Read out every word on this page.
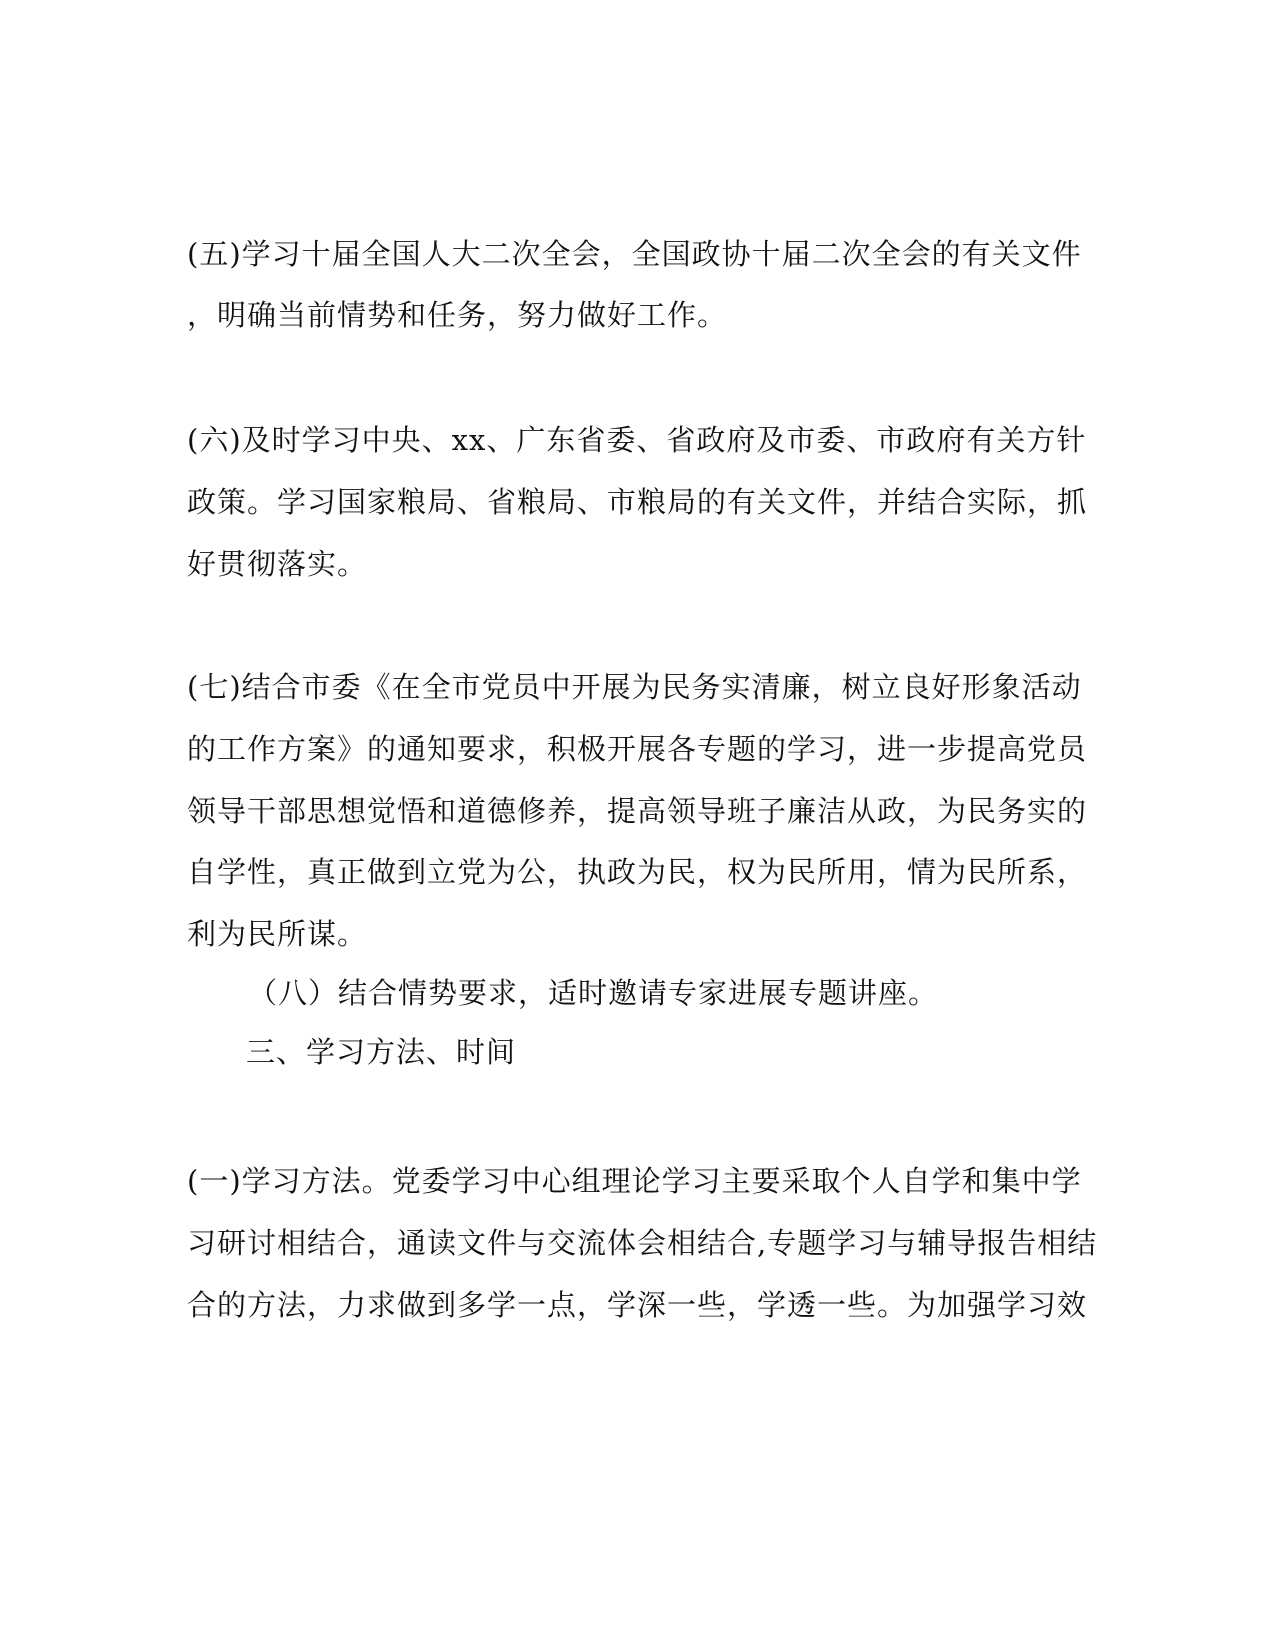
(五)学习十届全国人大二次全会，全国政协十届二次全会的有关文件
，明确当前情势和任务，努力做好工作。
(六)及时学习中央、xx、广东省委、省政府及市委、市政府有关方针
政策。学习国家粮局、省粮局、市粮局的有关文件，并结合实际，抓
好贯彻落实。
(七)结合市委《在全市党员中开展为民务实清廉，树立良好形象活动
的工作方案》的通知要求，积极开展各专题的学习，进一步提高党员
领导干部思想觉悟和道德修养，提高领导班子廉洁从政，为民务实的
自学性，真正做到立党为公，执政为民，权为民所用，情为民所系，
利为民所谋。
（八）结合情势要求，适时邀请专家进展专题讲座。
三、学习方法、时间
(一)学习方法。党委学习中心组理论学习主要采取个人自学和集中学
习研讨相结合，通读文件与交流体会相结合,专题学习与辅导报告相结
合的方法，力求做到多学一点，学深一些，学透一些。为加强学习效
